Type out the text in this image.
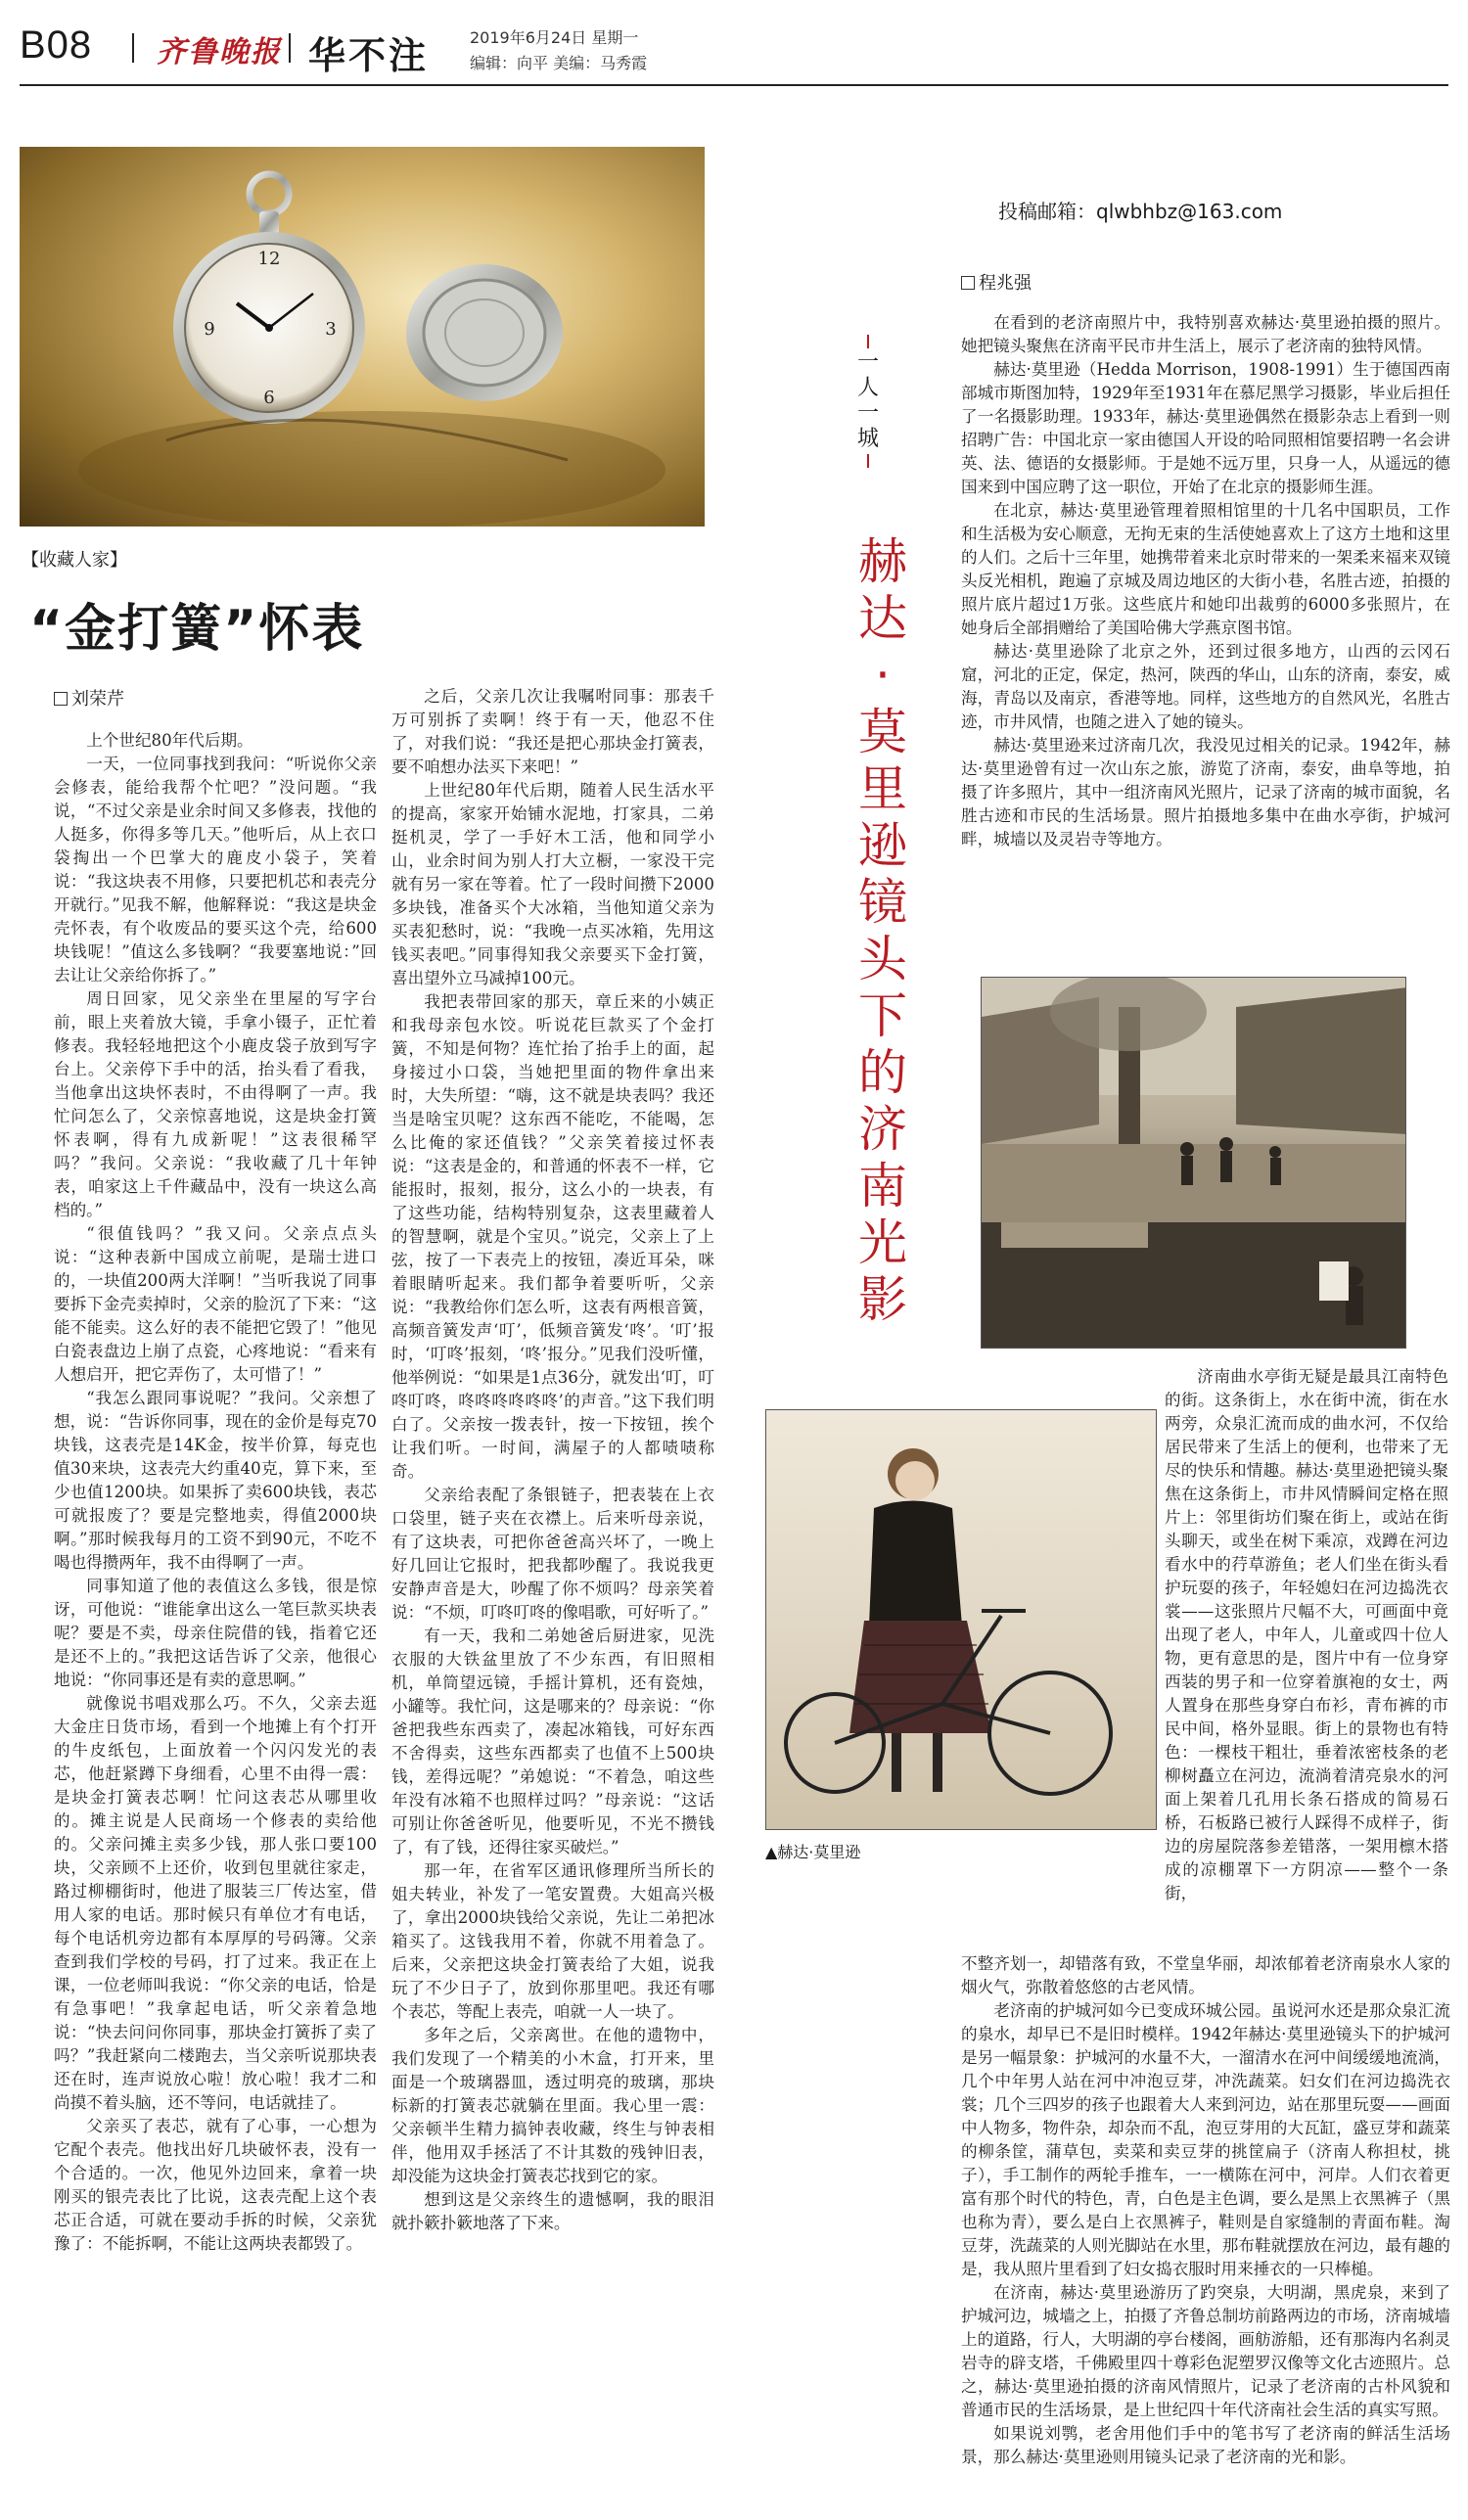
B08 齐鲁晚报 华不注	2019年6月24日 星期一
编辑：向平 美编：马秀霞
12
3
6
9
【收藏人家】
“金打簧”怀表
刘荣芹

上个世纪80年代后期。

一天，一位同事找到我问：“听说你父亲会修表，能给我帮个忙吧？”没问题。“我说，“不过父亲是业余时间又多修表，找他的人挺多，你得多等几天。”他听后，从上衣口袋掏出一个巴掌大的鹿皮小袋子，笑着说：“我这块表不用修，只要把机芯和表壳分开就行。”见我不解，他解释说：“我这是块金壳怀表，有个收废品的要买这个壳，给600块钱呢！”值这么多钱啊？“我要塞地说：”回去让让父亲给你拆了。”

周日回家，见父亲坐在里屋的写字台前，眼上夹着放大镜，手拿小镊子，正忙着修表。我轻轻地把这个小鹿皮袋子放到写字台上。父亲停下手中的活，抬头看了看我，当他拿出这块怀表时，不由得啊了一声。我忙问怎么了，父亲惊喜地说，这是块金打簧怀表啊，得有九成新呢！”这表很稀罕吗？”我问。父亲说：“我收藏了几十年钟表，咱家这上千件藏品中，没有一块这么高档的。”

“很值钱吗？”我又问。父亲点点头说：“这种表新中国成立前呢，是瑞士进口的，一块值200两大洋啊！”当听我说了同事要拆下金壳卖掉时，父亲的脸沉了下来：“这能不能卖。这么好的表不能把它毁了！”他见白瓷表盘边上崩了点瓷，心疼地说：“看来有人想启开，把它弄伤了，太可惜了！”

“我怎么跟同事说呢？”我问。父亲想了想，说：“告诉你同事，现在的金价是每克70块钱，这表壳是14K金，按半价算，每克也值30来块，这表壳大约重40克，算下来，至少也值1200块。如果拆了卖600块钱，表芯可就报废了？要是完整地卖，得值2000块啊。”那时候我每月的工资不到90元，不吃不喝也得攒两年，我不由得啊了一声。

同事知道了他的表值这么多钱，很是惊讶，可他说：“谁能拿出这么一笔巨款买块表呢？要是不卖，母亲住院借的钱，指着它还是还不上的。”我把这话告诉了父亲，他很心地说：“你同事还是有卖的意思啊。”

就像说书唱戏那么巧。不久，父亲去逛大金庄日货市场，看到一个地摊上有个打开的牛皮纸包，上面放着一个闪闪发光的表芯，他赶紧蹲下身细看，心里不由得一震：是块金打簧表芯啊！忙问这表芯从哪里收的。摊主说是人民商场一个修表的卖给他的。父亲问摊主卖多少钱，那人张口要100块，父亲顾不上还价，收到包里就往家走，路过柳棚街时，他进了服装三厂传达室，借用人家的电话。那时候只有单位才有电话，每个电话机旁边都有本厚厚的号码簿。父亲查到我们学校的号码，打了过来。我正在上课，一位老师叫我说：“你父亲的电话，恰是有急事吧！”我拿起电话，听父亲着急地说：“快去问问你同事，那块金打簧拆了卖了吗？”我赶紧向二楼跑去，当父亲听说那块表还在时，连声说放心啦！放心啦！我才二和尚摸不着头脑，还不等问，电话就挂了。

父亲买了表芯，就有了心事，一心想为它配个表壳。他找出好几块破怀表，没有一个合适的。一次，他见外边回来，拿着一块刚买的银壳表比了比说，这表壳配上这个表芯正合适，可就在要动手拆的时候，父亲犹豫了：不能拆啊，不能让这两块表都毁了。

之后，父亲几次让我嘱咐同事：那表千万可别拆了卖啊！终于有一天，他忍不住了，对我们说：“我还是把心那块金打簧表，要不咱想办法买下来吧！”

上世纪80年代后期，随着人民生活水平的提高，家家开始铺水泥地，打家具，二弟挺机灵，学了一手好木工活，他和同学小山，业余时间为别人打大立橱，一家没干完就有另一家在等着。忙了一段时间攒下2000多块钱，准备买个大冰箱，当他知道父亲为买表犯愁时，说：“我晚一点买冰箱，先用这钱买表吧。”同事得知我父亲要买下金打簧，喜出望外立马减掉100元。

我把表带回家的那天，章丘来的小姨正和我母亲包水饺。听说花巨款买了个金打簧，不知是何物？连忙抬了抬手上的面，起身接过小口袋，当她把里面的物件拿出来时，大失所望：“嗨，这不就是块表吗？我还当是啥宝贝呢？这东西不能吃，不能喝，怎么比俺的家还值钱？”父亲笑着接过怀表说：“这表是金的，和普通的怀表不一样，它能报时，报刻，报分，这么小的一块表，有了这些功能，结构特别复杂，这表里藏着人的智慧啊，就是个宝贝。”说完，父亲上了上弦，按了一下表壳上的按钮，凑近耳朵，咪着眼睛听起来。我们都争着要听听，父亲说：“我教给你们怎么听，这表有两根音簧，高频音簧发声‘叮’，低频音簧发‘咚’。‘叮’报时，‘叮咚’报刻，‘咚’报分。”见我们没听懂，他举例说：“如果是1点36分，就发出‘叮，叮咚叮咚，咚咚咚咚咚咚’的声音。”这下我们明白了。父亲按一拨表针，按一下按钮，挨个让我们听。一时间，满屋子的人都啧啧称奇。

父亲给表配了条银链子，把表装在上衣口袋里，链子夹在衣襟上。后来听母亲说，有了这块表，可把你爸爸高兴坏了，一晚上好几回让它报时，把我都吵醒了。我说我更安静声音是大，吵醒了你不烦吗？母亲笑着说：“不烦，叮咚叮咚的像唱歌，可好听了。”

有一天，我和二弟她爸后厨进家，见洗衣服的大铁盆里放了不少东西，有旧照相机，单筒望远镜，手摇计算机，还有瓷烛，小罐等。我忙问，这是哪来的？母亲说：“你爸把我些东西卖了，凑起冰箱钱，可好东西不舍得卖，这些东西都卖了也值不上500块钱，差得远呢？”弟媳说：“不着急，咱这些年没有冰箱不也照样过吗？”母亲说：“这话可别让你爸爸听见，他要听见，不光不攒钱了，有了钱，还得往家买破烂。”

那一年，在省军区通讯修理所当所长的姐夫转业，补发了一笔安置费。大姐高兴极了，拿出2000块钱给父亲说，先让二弟把冰箱买了。这钱我用不着，你就不用着急了。后来，父亲把这块金打簧表给了大姐，说我玩了不少日子了，放到你那里吧。我还有哪个表芯，等配上表壳，咱就一人一块了。

多年之后，父亲离世。在他的遗物中，我们发现了一个精美的小木盒，打开来，里面是一个玻璃器皿，透过明亮的玻璃，那块标新的打簧表芯就躺在里面。我心里一震：父亲顿半生精力搞钟表收藏，终生与钟表相伴，他用双手拯活了不计其数的残钟旧表，却没能为这块金打簧表芯找到它的家。

想到这是父亲终生的遗憾啊，我的眼泪就扑簌扑簌地落了下来。

投稿邮箱：qlwbhbz@163.com
一人一城
赫达·莫里逊镜头下的济南光影
程兆强

在看到的老济南照片中，我特别喜欢赫达·莫里逊拍摄的照片。她把镜头聚焦在济南平民市井生活上，展示了老济南的独特风情。

赫达·莫里逊（Hedda Morrison，1908-1991）生于德国西南部城市斯图加特，1929年至1931年在慕尼黑学习摄影，毕业后担任了一名摄影助理。1933年，赫达·莫里逊偶然在摄影杂志上看到一则招聘广告：中国北京一家由德国人开设的哈同照相馆要招聘一名会讲英、法、德语的女摄影师。于是她不远万里，只身一人，从遥远的德国来到中国应聘了这一职位，开始了在北京的摄影师生涯。

在北京，赫达·莫里逊管理着照相馆里的十几名中国职员，工作和生活极为安心顺意，无拘无束的生活使她喜欢上了这方土地和这里的人们。之后十三年里，她携带着来北京时带来的一架柔来福来双镜头反光相机，跑遍了京城及周边地区的大街小巷，名胜古迹，拍摄的照片底片超过1万张。这些底片和她印出裁剪的6000多张照片，在她身后全部捐赠给了美国哈佛大学燕京图书馆。

赫达·莫里逊除了北京之外，还到过很多地方，山西的云冈石窟，河北的正定，保定，热河，陕西的华山，山东的济南，泰安，威海，青岛以及南京，香港等地。同样，这些地方的自然风光，名胜古迹，市井风情，也随之进入了她的镜头。

赫达·莫里逊来过济南几次，我没见过相关的记录。1942年，赫达·莫里逊曾有过一次山东之旅，游览了济南，泰安，曲阜等地，拍摄了许多照片，其中一组济南风光照片，记录了济南的城市面貌，名胜古迹和市民的生活场景。照片拍摄地多集中在曲水亭街，护城河畔，城墙以及灵岩寺等地方。

济南曲水亭街无疑是最具江南特色的街。这条街上，水在街中流，街在水两旁，众泉汇流而成的曲水河，不仅给居民带来了生活上的便利，也带来了无尽的快乐和情趣。赫达·莫里逊把镜头聚焦在这条街上，市井风情瞬间定格在照片上：邻里街坊们聚在街上，或站在街头聊天，或坐在树下乘凉，戏蹲在河边看水中的荇草游鱼；老人们坐在街头看护玩耍的孩子，年轻媳妇在河边捣洗衣裳——这张照片尺幅不大，可画面中竟出现了老人，中年人，儿童或四十位人物，更有意思的是，图片中有一位身穿西装的男子和一位穿着旗袍的女士，两人置身在那些身穿白布衫，青布裤的市民中间，格外显眼。街上的景物也有特色：一棵枝干粗壮，垂着浓密枝条的老柳树矗立在河边，流淌着清亮泉水的河面上架着几孔用长条石搭成的简易石桥，石板路已被行人踩得不成样子，街边的房屋院落参差错落，一架用檩木搭成的凉棚罩下一方阴凉——整个一条街，

▲赫达·莫里逊

不整齐划一，却错落有致，不堂皇华丽，却浓郁着老济南泉水人家的烟火气，弥散着悠悠的古老风情。

老济南的护城河如今已变成环城公园。虽说河水还是那众泉汇流的泉水，却早已不是旧时模样。1942年赫达·莫里逊镜头下的护城河是另一幅景象：护城河的水量不大，一溜清水在河中间缓缓地流淌，几个中年男人站在河中冲泡豆芽，冲洗蔬菜。妇女们在河边捣洗衣裳；几个三四岁的孩子也跟着大人来到河边，站在那里玩耍——画面中人物多，物件杂，却杂而不乱，泡豆芽用的大瓦缸，盛豆芽和蔬菜的柳条筐，蒲草包，卖菜和卖豆芽的挑筐扁子（济南人称担杖，挑子），手工制作的两轮手推车，一一横陈在河中，河岸。人们衣着更富有那个时代的特色，青，白色是主色调，要么是黑上衣黑裤子（黑也称为青），要么是白上衣黑裤子，鞋则是自家缝制的青面布鞋。淘豆芽，洗蔬菜的人则光脚站在水里，那布鞋就摆放在河边，最有趣的是，我从照片里看到了妇女捣衣服时用来捶衣的一只棒槌。

在济南，赫达·莫里逊游历了趵突泉，大明湖，黑虎泉，来到了护城河边，城墙之上，拍摄了齐鲁总制坊前路两边的市场，济南城墙上的道路，行人，大明湖的亭台楼阁，画舫游船，还有那海内名刹灵岩寺的辟支塔，千佛殿里四十尊彩色泥塑罗汉像等文化古迹照片。总之，赫达·莫里逊拍摄的济南风情照片，记录了老济南的古朴风貌和普通市民的生活场景，是上世纪四十年代济南社会生活的真实写照。

如果说刘鹗，老舍用他们手中的笔书写了老济南的鲜活生活场景，那么赫达·莫里逊则用镜头记录了老济南的光和影。
